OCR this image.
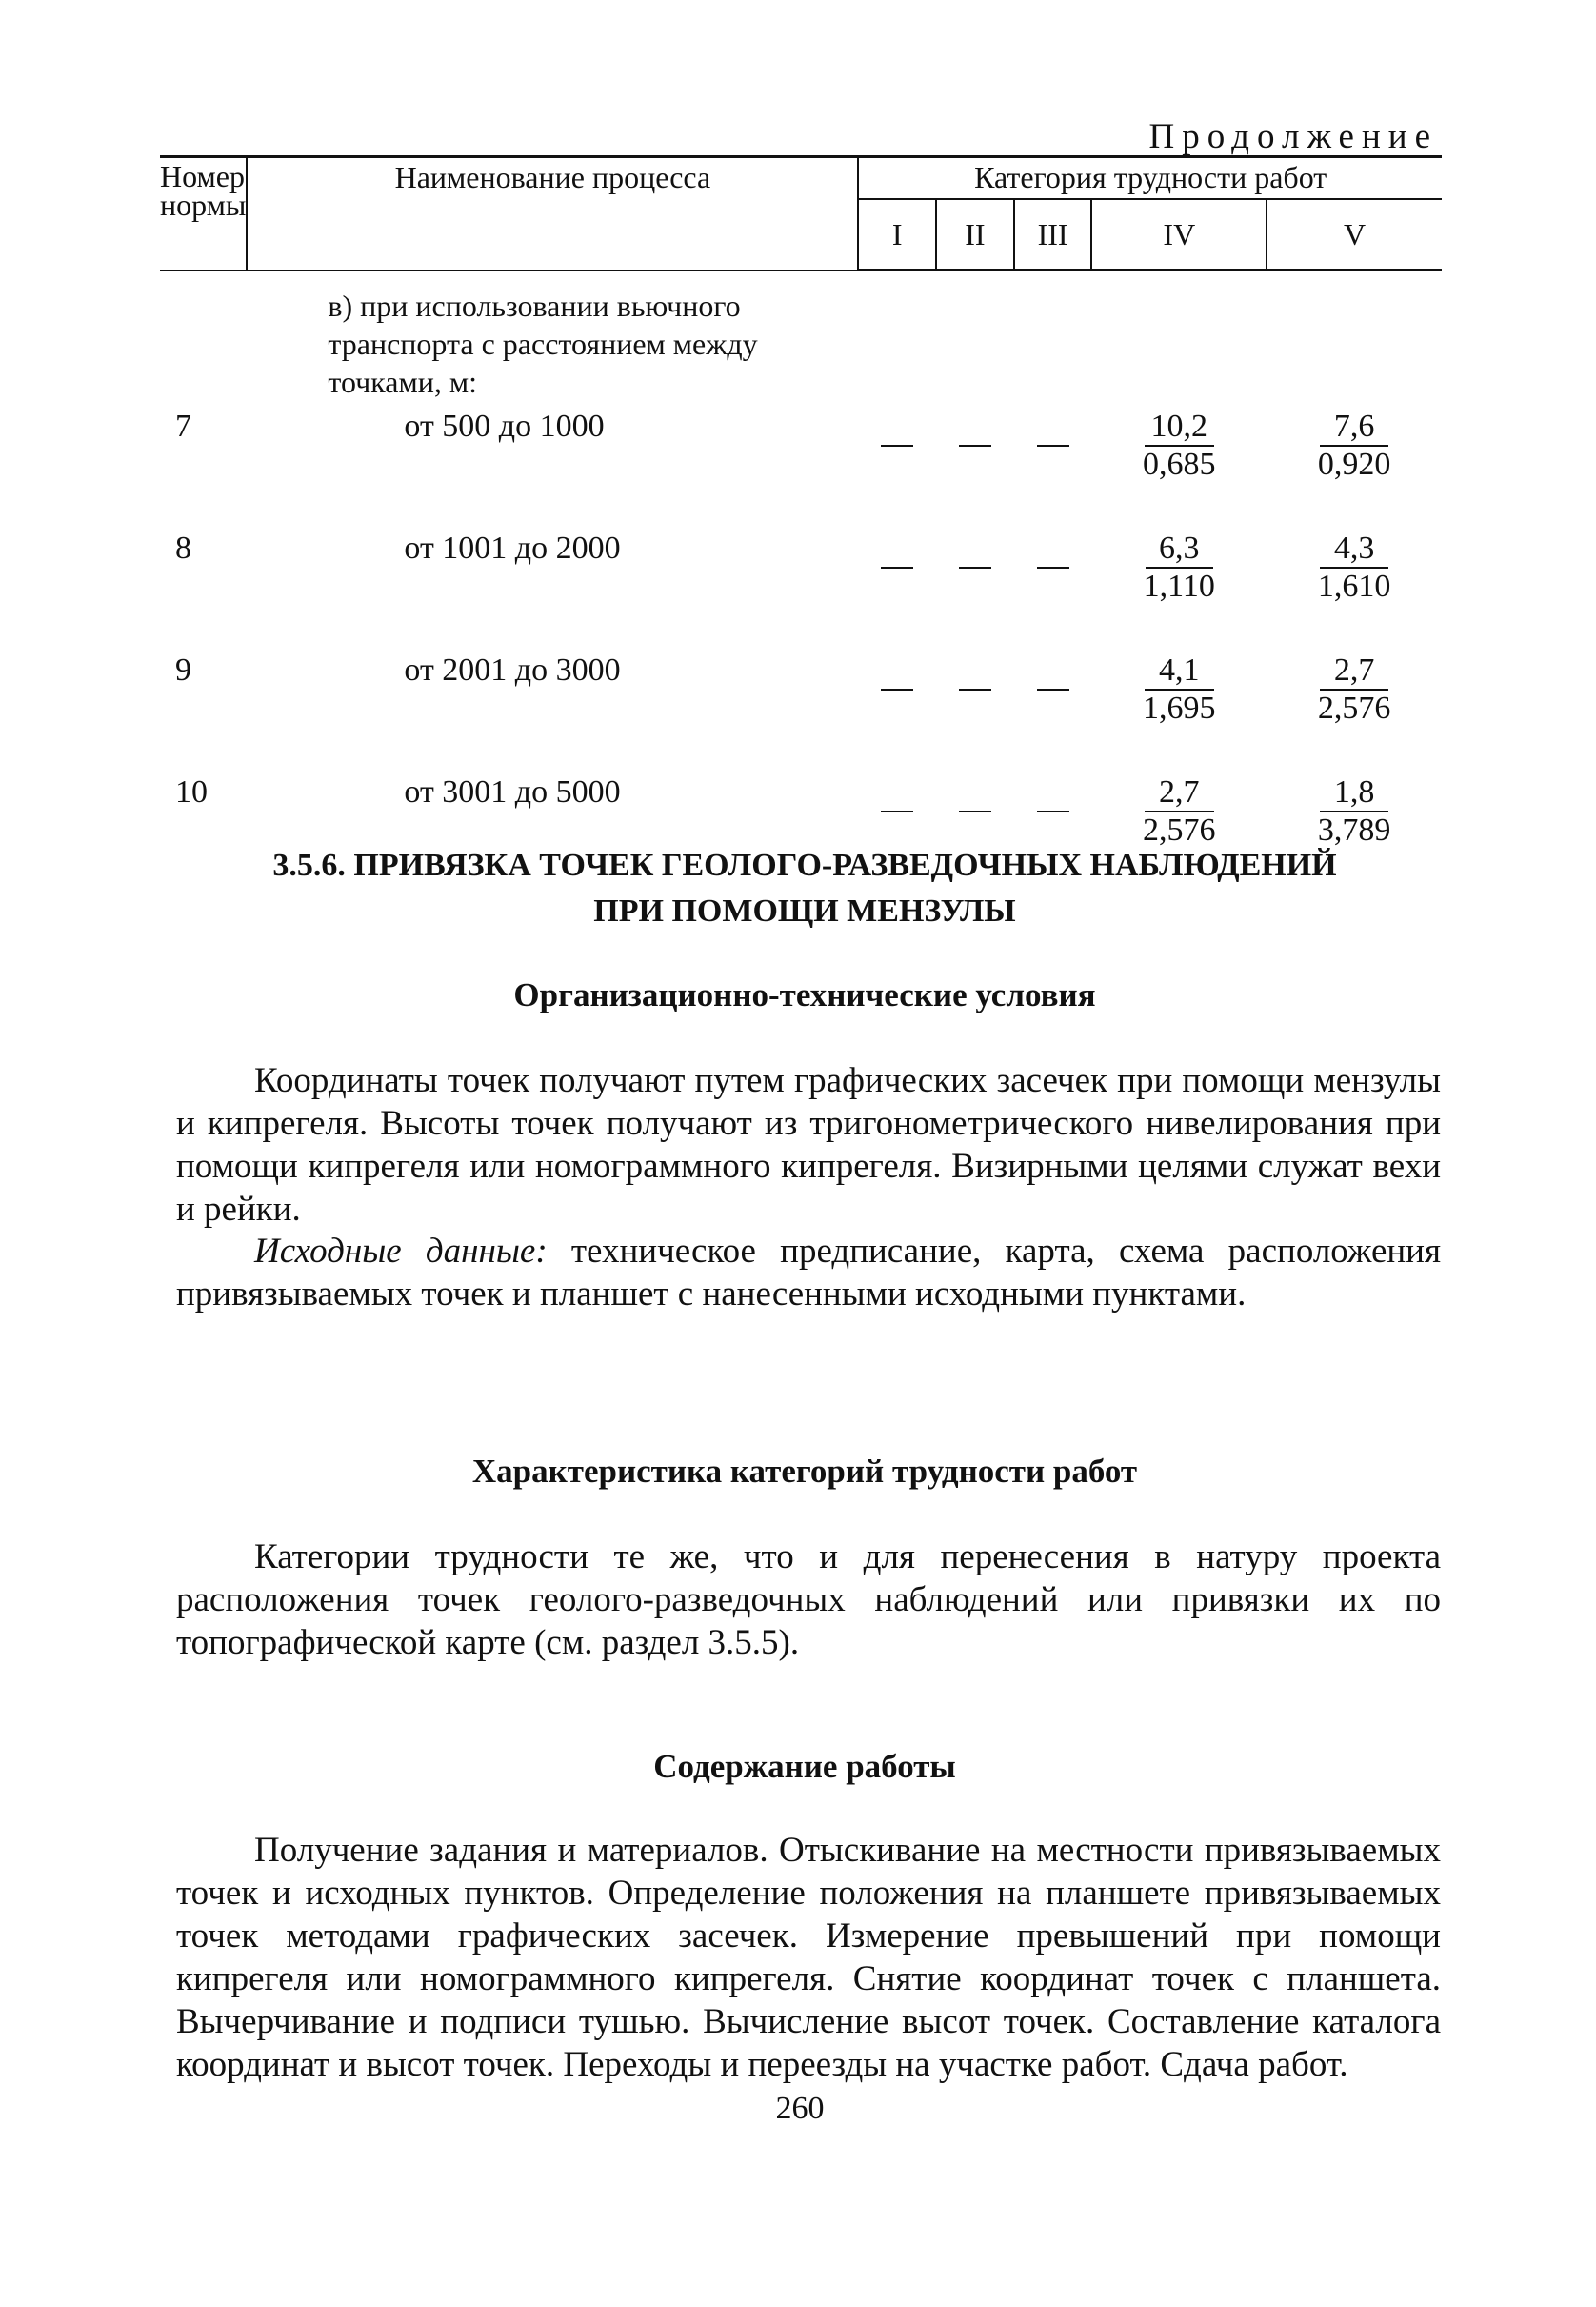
Продолжение
Номер нормы	Наименование процесса	Категория трудности работ				
		I	II	III	IV	V
	в) при использовании вьючного транспорта с расстоянием между точками, м:					
7	от 500 до 1000				$\frac{10,2}{0,685}$	$\frac{7,6}{0,920}$

8	от 1001 до 2000				$\frac{6,3}{1,110}$	$\frac{4,3}{1,610}$

9	от 2001 до 3000				$\frac{4,1}{1,695}$	$\frac{2,7}{2,576}$

10	от 3001 до 5000				$\frac{2,7}{2,576}$	$\frac{1,8}{3,789}$
3.5.6. ПРИВЯЗКА ТОЧЕК ГЕОЛОГО-РАЗВЕДОЧНЫХ НАБЛЮДЕНИЙ
ПРИ ПОМОЩИ МЕНЗУЛЫ
Организационно-технические условия

Координаты точек получают путем графических засечек при помощи мензулы и кипрегеля. Высоты точек получают из тригонометрического нивелирования при помощи кипрегеля или номограммного кипрегеля. Визирными целями служат вехи и рейки.

Исходные данные: техническое предписание, карта, схема расположения привязываемых точек и планшет с нанесенными исходными пунктами.

Характеристика категорий трудности работ

Категории трудности те же, что и для перенесения в натуру проекта расположения точек геолого-разведочных наблюдений или привязки их по топографической карте (см. раздел 3.5.5).

Содержание работы

Получение задания и материалов. Отыскивание на местности привязываемых точек и исходных пунктов. Определение положения на планшете привязываемых точек методами графических засечек. Измерение превышений при помощи кипрегеля или номограммного кипрегеля. Снятие координат точек с планшета. Вычерчивание и подписи тушью. Вычисление высот точек. Составление каталога координат и высот точек. Переходы и переезды на участке работ. Сдача работ.

260
